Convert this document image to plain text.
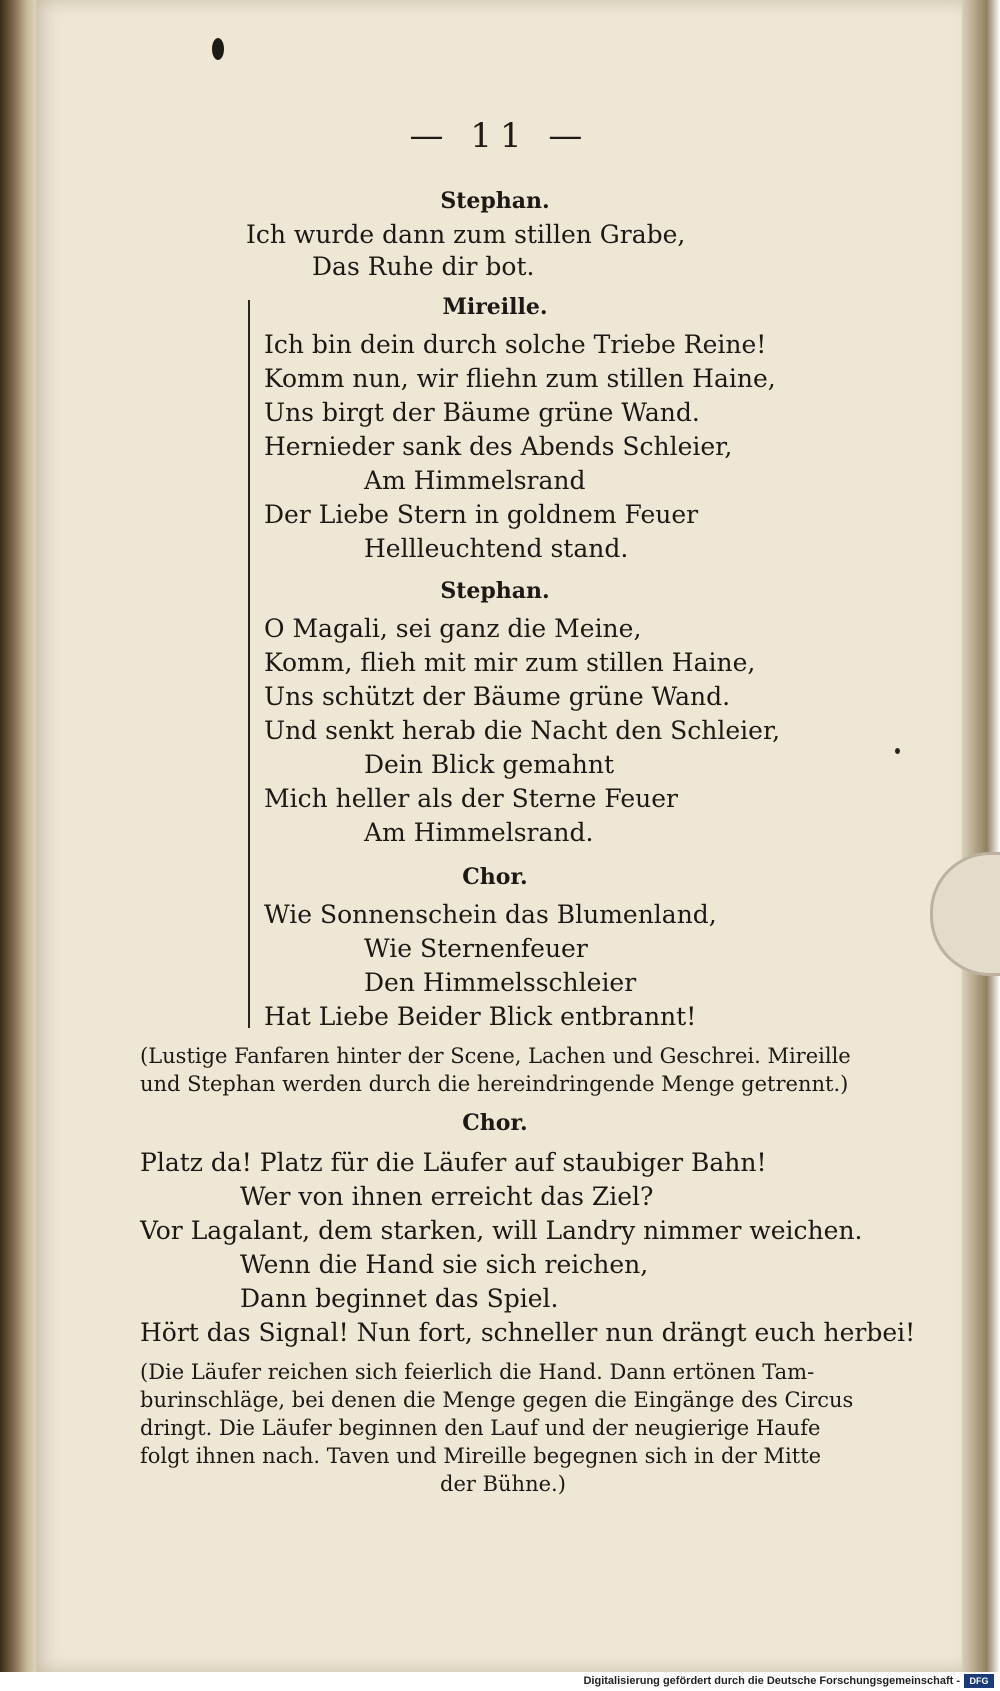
— 11 —
Stephan.
Ich wurde dann zum stillen Grabe,
Das Ruhe dir bot.
Mireille.
Ich bin dein durch solche Triebe Reine!
Komm nun, wir fliehn zum stillen Haine,
Uns birgt der Bäume grüne Wand.
Hernieder sank des Abends Schleier,
Am Himmelsrand
Der Liebe Stern in goldnem Feuer
Hellleuchtend stand.
Stephan.
O Magali, sei ganz die Meine,
Komm, flieh mit mir zum stillen Haine,
Uns schützt der Bäume grüne Wand.
Und senkt herab die Nacht den Schleier,
Dein Blick gemahnt
Mich heller als der Sterne Feuer
Am Himmelsrand.
Chor.
Wie Sonnenschein das Blumenland,
Wie Sternenfeuer
Den Himmelsschleier
Hat Liebe Beider Blick entbrannt!
(Lustige Fanfaren hinter der Scene, Lachen und Geschrei. Mireille
und Stephan werden durch die hereindringende Menge getrennt.)
Chor.
Platz da! Platz für die Läufer auf staubiger Bahn!
Wer von ihnen erreicht das Ziel?
Vor Lagalant, dem starken, will Landry nimmer weichen.
Wenn die Hand sie sich reichen,
Dann beginnet das Spiel.
Hört das Signal! Nun fort, schneller nun drängt euch herbei!
(Die Läufer reichen sich feierlich die Hand. Dann ertönen Tam-
burinschläge, bei denen die Menge gegen die Eingänge des Circus
dringt. Die Läufer beginnen den Lauf und der neugierige Haufe
folgt ihnen nach. Taven und Mireille begegnen sich in der Mitte
der Bühne.)
Digitalisierung gefördert durch die Deutsche Forschungsgemeinschaft -	DFG
